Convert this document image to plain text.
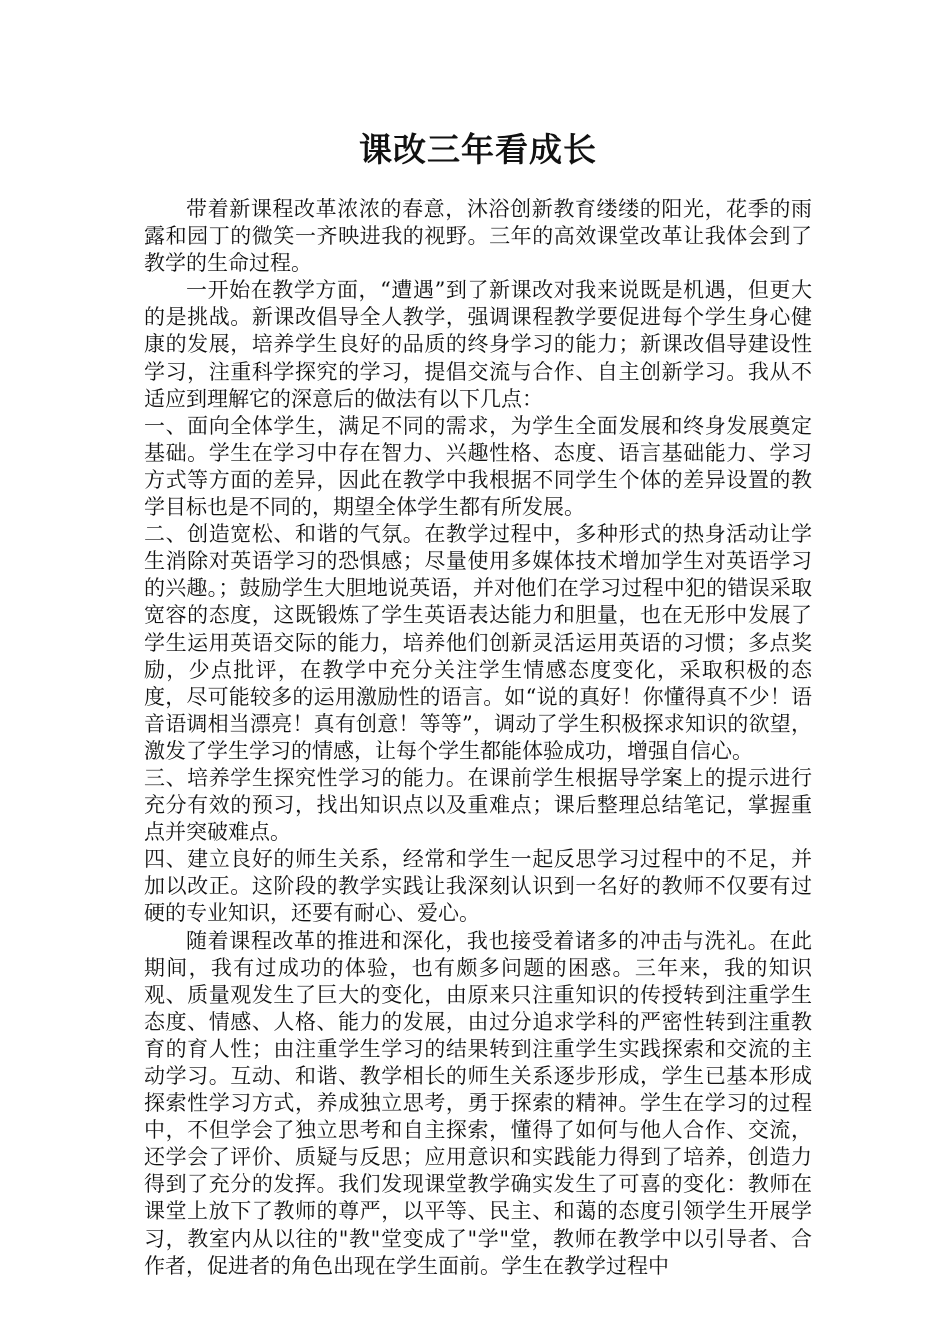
课改三年看成长

带着新课程改革浓浓的春意，沐浴创新教育缕缕的阳光，花季的雨露和园丁的微笑一齐映进我的视野。三年的高效课堂改革让我体会到了教学的生命过程。

一开始在教学方面，“遭遇”到了新课改对我来说既是机遇，但更大的是挑战。新课改倡导全人教学，强调课程教学要促进每个学生身心健康的发展，培养学生良好的品质的终身学习的能力；新课改倡导建设性学习，注重科学探究的学习，提倡交流与合作、自主创新学习。我从不适应到理解它的深意后的做法有以下几点：

一、面向全体学生，满足不同的需求，为学生全面发展和终身发展奠定基础。学生在学习中存在智力、兴趣性格、态度、语言基础能力、学习方式等方面的差异，因此在教学中我根据不同学生个体的差异设置的教学目标也是不同的，期望全体学生都有所发展。

二、创造宽松、和谐的气氛。在教学过程中，多种形式的热身活动让学生消除对英语学习的恐惧感；尽量使用多媒体技术增加学生对英语学习的兴趣。；鼓励学生大胆地说英语，并对他们在学习过程中犯的错误采取宽容的态度，这既锻炼了学生英语表达能力和胆量，也在无形中发展了学生运用英语交际的能力，培养他们创新灵活运用英语的习惯；多点奖励，少点批评，在教学中充分关注学生情感态度变化，采取积极的态度，尽可能较多的运用激励性的语言。如“说的真好！你懂得真不少！语音语调相当漂亮！真有创意！等等”，调动了学生积极探求知识的欲望，激发了学生学习的情感，让每个学生都能体验成功，增强自信心。

三、培养学生探究性学习的能力。在课前学生根据导学案上的提示进行充分有效的预习，找出知识点以及重难点；课后整理总结笔记，掌握重点并突破难点。

四、建立良好的师生关系，经常和学生一起反思学习过程中的不足，并加以改正。这阶段的教学实践让我深刻认识到一名好的教师不仅要有过硬的专业知识，还要有耐心、爱心。

随着课程改革的推进和深化，我也接受着诸多的冲击与洗礼。在此期间，我有过成功的体验，也有颇多问题的困惑。三年来，我的知识观、质量观发生了巨大的变化，由原来只注重知识的传授转到注重学生态度、情感、人格、能力的发展，由过分追求学科的严密性转到注重教育的育人性；由注重学生学习的结果转到注重学生实践探索和交流的主动学习。互动、和谐、教学相长的师生关系逐步形成，学生已基本形成探索性学习方式，养成独立思考，勇于探索的精神。学生在学习的过程中，不但学会了独立思考和自主探索，懂得了如何与他人合作、交流，还学会了评价、质疑与反思；应用意识和实践能力得到了培养，创造力得到了充分的发挥。我们发现课堂教学确实发生了可喜的变化：教师在课堂上放下了教师的尊严，以平等、民主、和蔼的态度引领学生开展学习，教室内从以往的"教"堂变成了"学"堂，教师在教学中以引导者、合作者，促进者的角色出现在学生面前。学生在教学过程中
